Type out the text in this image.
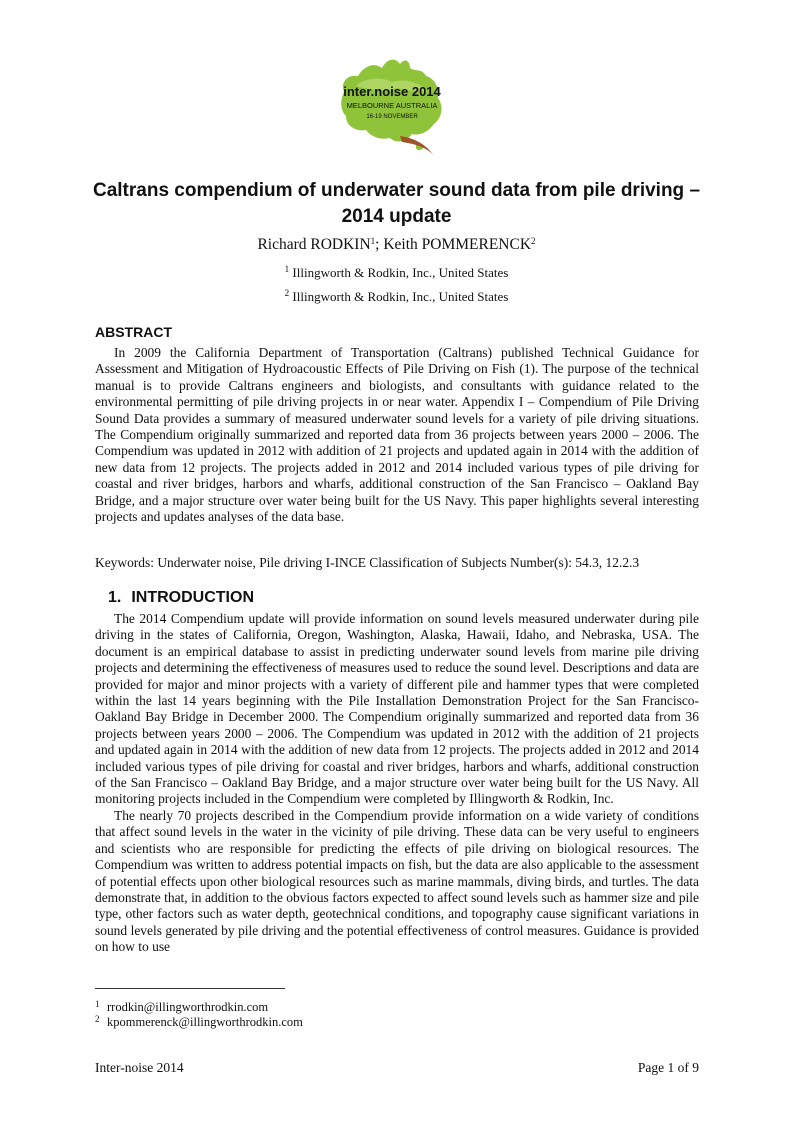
inter.noise 2014
MELBOURNE AUSTRALIA
16-19 NOVEMBER
Caltrans compendium of underwater sound data from pile driving –
2014 update
Richard RODKIN$^1$; Keith POMMERENCK$^2$
$^1$ Illingworth & Rodkin, Inc., United States
$^2$ Illingworth & Rodkin, Inc., United States
ABSTRACT

In 2009 the California Department of Transportation (Caltrans) published Technical Guidance for Assessment and Mitigation of Hydroacoustic Effects of Pile Driving on Fish (1). The purpose of the technical manual is to provide Caltrans engineers and biologists, and consultants with guidance related to the environmental permitting of pile driving projects in or near water. Appendix I – Compendium of Pile Driving Sound Data provides a summary of measured underwater sound levels for a variety of pile driving situations. The Compendium originally summarized and reported data from 36 projects between years 2000 – 2006. The Compendium was updated in 2012 with addition of 21 projects and updated again in 2014 with the addition of new data from 12 projects. The projects added in 2012 and 2014 included various types of pile driving for coastal and river bridges, harbors and wharfs, additional construction of the San Francisco – Oakland Bay Bridge, and a major structure over water being built for the US Navy. This paper highlights several interesting projects and updates analyses of the data base.

Keywords: Underwater noise, Pile driving I-INCE Classification of Subjects Number(s): 54.3, 12.2.3
1. INTRODUCTION

The 2014 Compendium update will provide information on sound levels measured underwater during pile driving in the states of California, Oregon, Washington, Alaska, Hawaii, Idaho, and Nebraska, USA. The document is an empirical database to assist in predicting underwater sound levels from marine pile driving projects and determining the effectiveness of measures used to reduce the sound level. Descriptions and data are provided for major and minor projects with a variety of different pile and hammer types that were completed within the last 14 years beginning with the Pile Installation Demonstration Project for the San Francisco-Oakland Bay Bridge in December 2000. The Compendium originally summarized and reported data from 36 projects between years 2000 – 2006. The Compendium was updated in 2012 with the addition of 21 projects and updated again in 2014 with the addition of new data from 12 projects. The projects added in 2012 and 2014 included various types of pile driving for coastal and river bridges, harbors and wharfs, additional construction of the San Francisco – Oakland Bay Bridge, and a major structure over water being built for the US Navy. All monitoring projects included in the Compendium were completed by Illingworth & Rodkin, Inc.

The nearly 70 projects described in the Compendium provide information on a wide variety of conditions that affect sound levels in the water in the vicinity of pile driving. These data can be very useful to engineers and scientists who are responsible for predicting the effects of pile driving on biological resources. The Compendium was written to address potential impacts on fish, but the data are also applicable to the assessment of potential effects upon other biological resources such as marine mammals, diving birds, and turtles. The data demonstrate that, in addition to the obvious factors expected to affect sound levels such as hammer size and pile type, other factors such as water depth, geotechnical conditions, and topography cause significant variations in sound levels generated by pile driving and the potential effectiveness of control measures. Guidance is provided on how to use

1 rrodkin@illingworthrodkin.com
2 kpommerenck@illingworthrodkin.com
Inter-noise 2014	Page 1 of 9
